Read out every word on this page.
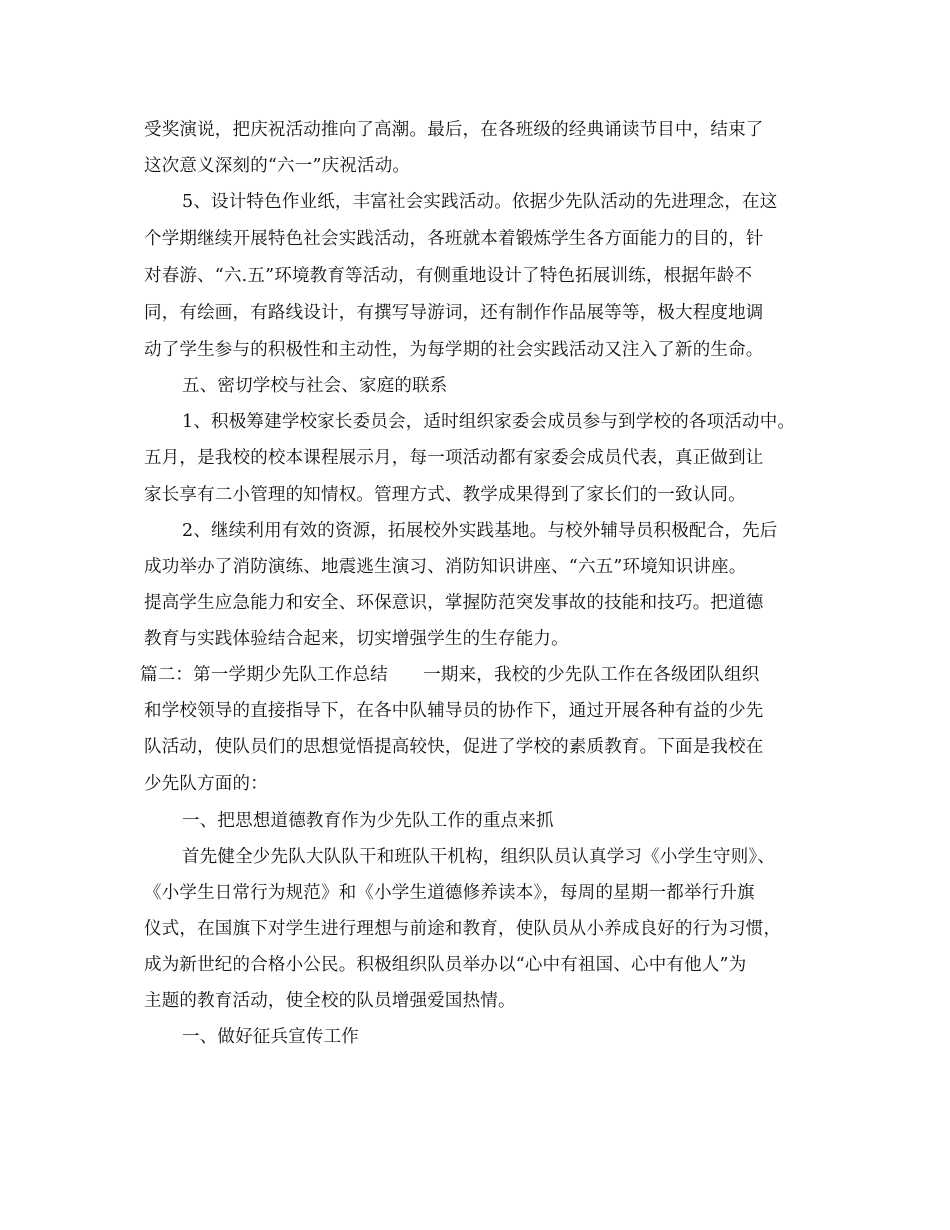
受奖演说，把庆祝活动推向了高潮。最后，在各班级的经典诵读节目中，结束了
这次意义深刻的“六一”庆祝活动。
5、设计特色作业纸，丰富社会实践活动。依据少先队活动的先进理念，在这
个学期继续开展特色社会实践活动，各班就本着锻炼学生各方面能力的目的，针
对春游、“六.五”环境教育等活动，有侧重地设计了特色拓展训练，根据年龄不
同，有绘画，有路线设计，有撰写导游词，还有制作作品展等等，极大程度地调
动了学生参与的积极性和主动性，为每学期的社会实践活动又注入了新的生命。
五、密切学校与社会、家庭的联系
1、积极筹建学校家长委员会，适时组织家委会成员参与到学校的各项活动中。
五月，是我校的校本课程展示月，每一项活动都有家委会成员代表，真正做到让
家长享有二小管理的知情权。管理方式、教学成果得到了家长们的一致认同。
2、继续利用有效的资源，拓展校外实践基地。与校外辅导员积极配合，先后
成功举办了消防演练、地震逃生演习、消防知识讲座、“六五”环境知识讲座。
提高学生应急能力和安全、环保意识，掌握防范突发事故的技能和技巧。把道德
教育与实践体验结合起来，切实增强学生的生存能力。
篇二：第一学期少先队工作总结　　一期来，我校的少先队工作在各级团队组织
和学校领导的直接指导下，在各中队辅导员的协作下，通过开展各种有益的少先
队活动，使队员们的思想觉悟提高较快，促进了学校的素质教育。下面是我校在
少先队方面的：
一、把思想道德教育作为少先队工作的重点来抓
首先健全少先队大队队干和班队干机构，组织队员认真学习《小学生守则》、
《小学生日常行为规范》和《小学生道德修养读本》，每周的星期一都举行升旗
仪式，在国旗下对学生进行理想与前途和教育，使队员从小养成良好的行为习惯，
成为新世纪的合格小公民。积极组织队员举办以“心中有祖国、心中有他人”为
主题的教育活动，使全校的队员增强爱国热情。
一、做好征兵宣传工作
